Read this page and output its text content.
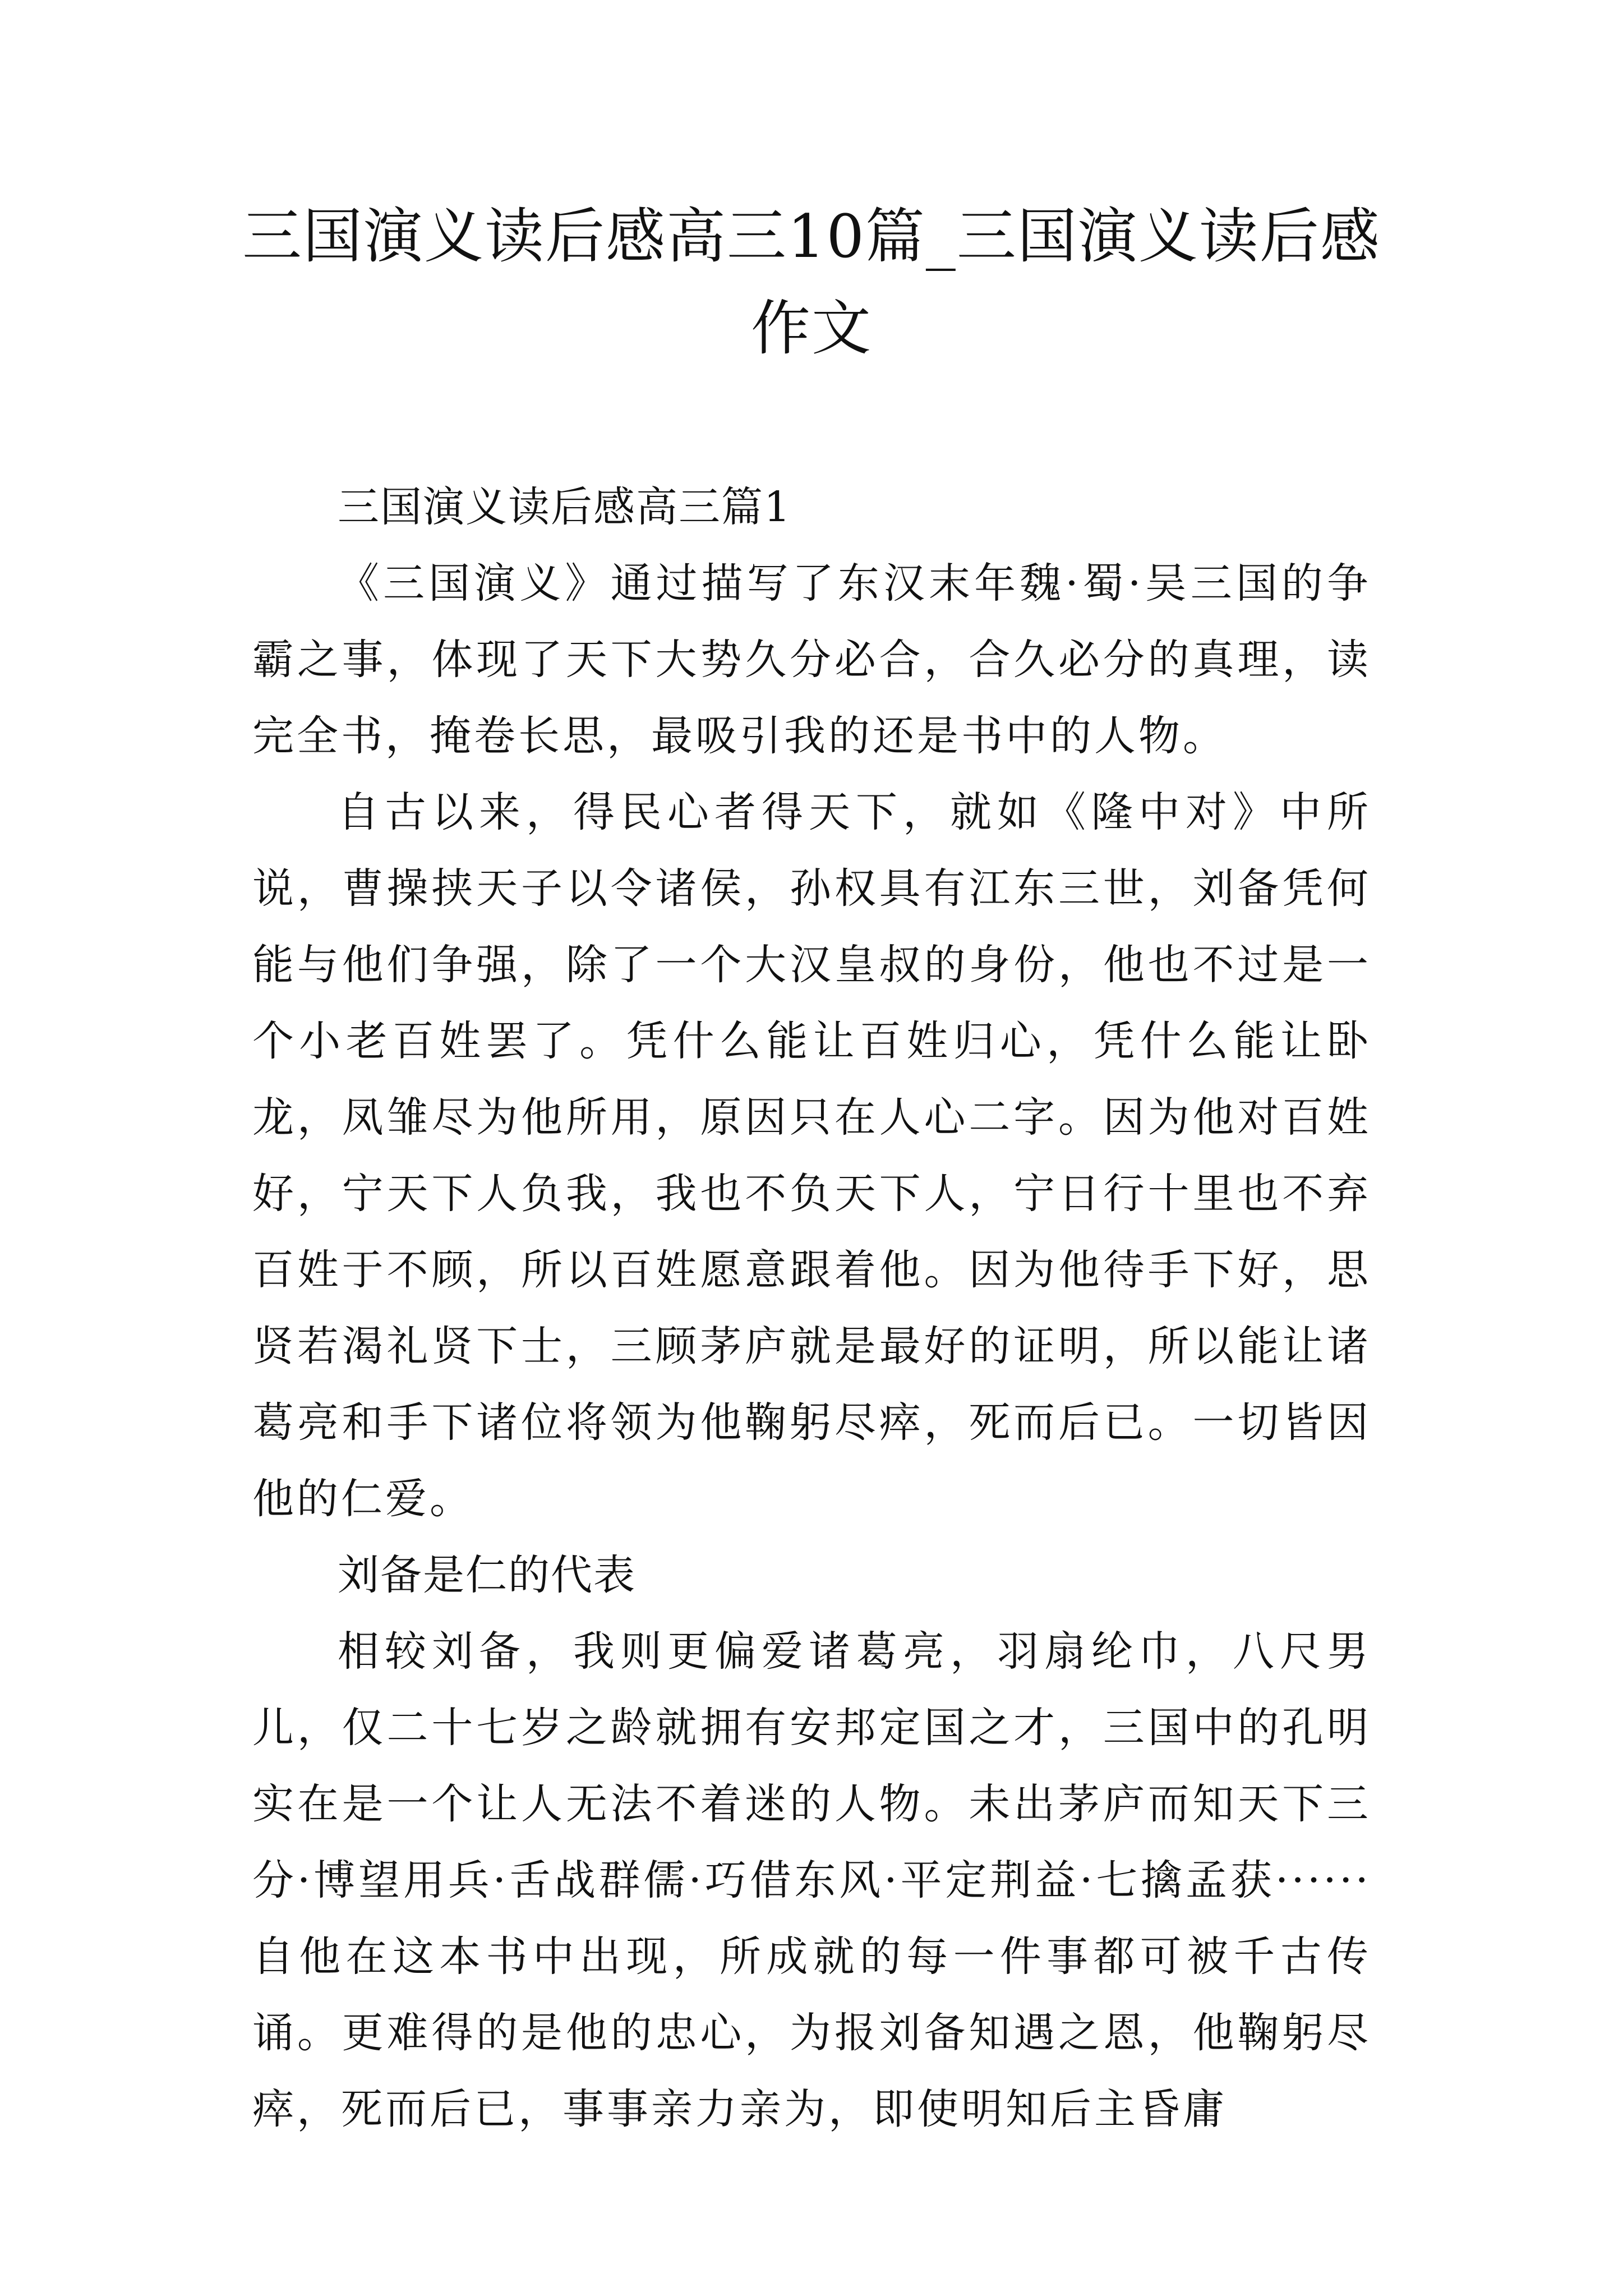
三国演义读后感高三10篇_三国演义读后感
作文

三国演义读后感高三篇1

《三国演义》通过描写了东汉末年魏·蜀·吴三国的争霸之事，体现了天下大势久分必合，合久必分的真理，读完全书，掩卷长思，最吸引我的还是书中的人物。

自古以来，得民心者得天下，就如《隆中对》中所说，曹操挟天子以令诸侯，孙权具有江东三世，刘备凭何能与他们争强，除了一个大汉皇叔的身份，他也不过是一个小老百姓罢了。凭什么能让百姓归心，凭什么能让卧龙，凤雏尽为他所用，原因只在人心二字。因为他对百姓好，宁天下人负我，我也不负天下人，宁日行十里也不弃百姓于不顾，所以百姓愿意跟着他。因为他待手下好，思贤若渴礼贤下士，三顾茅庐就是最好的证明，所以能让诸葛亮和手下诸位将领为他鞠躬尽瘁，死而后已。一切皆因他的仁爱。

刘备是仁的代表

相较刘备，我则更偏爱诸葛亮，羽扇纶巾，八尺男儿，仅二十七岁之龄就拥有安邦定国之才，三国中的孔明实在是一个让人无法不着迷的人物。未出茅庐而知天下三分·博望用兵·舌战群儒·巧借东风·平定荆益·七擒孟获······自他在这本书中出现，所成就的每一件事都可被千古传诵。更难得的是他的忠心，为报刘备知遇之恩，他鞠躬尽瘁，死而后已，事事亲力亲为，即使明知后主昏庸
